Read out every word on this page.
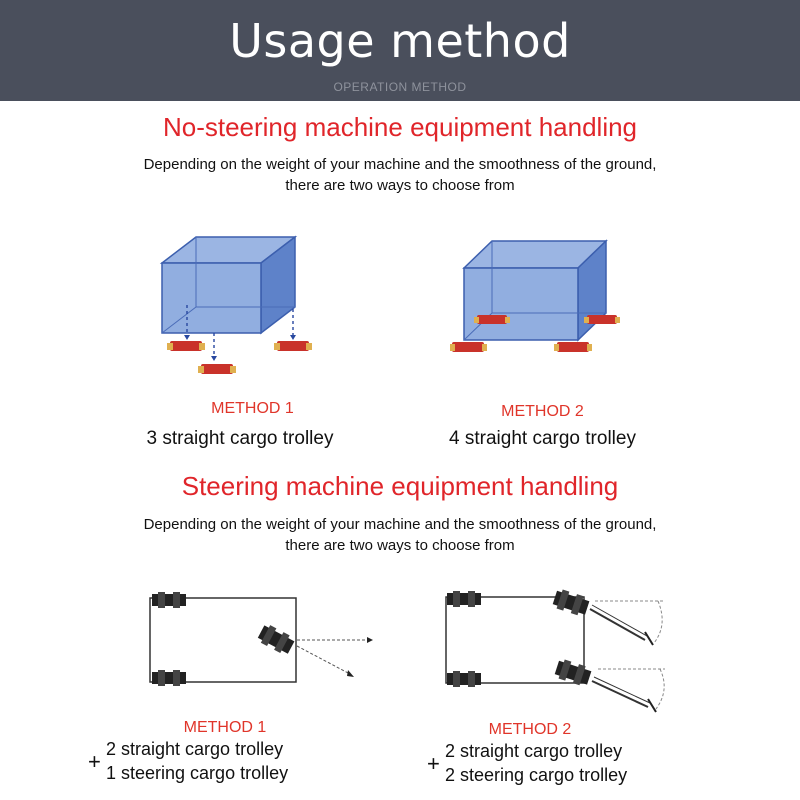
Usage method
OPERATION METHOD
No-steering machine equipment handling
Depending on the weight of your machine and the smoothness of the ground,
there are two ways to choose from
METHOD 1
3 straight cargo trolley
METHOD 2
4 straight cargo trolley
Steering machine equipment handling
Depending on the weight of your machine and the smoothness of the ground,
there are two ways to choose from
METHOD 1
+ 2 straight cargo trolley
1 steering cargo trolley
METHOD 2
+ 2 straight cargo trolley
2 steering cargo trolley
